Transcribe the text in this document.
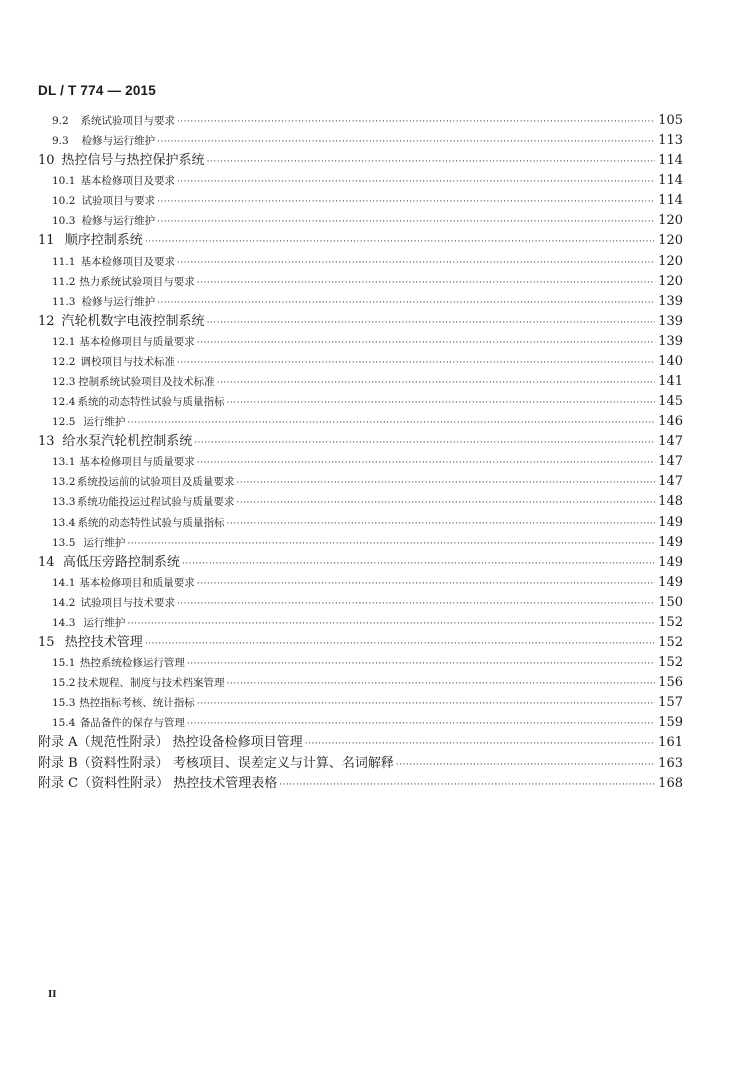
DL / T 774 — 2015
9.2	系统试验项目与要求 ·····	105
9.3	检修与运行维护 ·····	113
10 热控信号与热控保护系统 ·····	114
10.1 基本检修项目及要求 ·····	114
10.2 试验项目与要求 ·····	114
10.3 检修与运行维护 ·····	120
11 顺序控制系统 ·····	120
11.1 基本检修项目及要求 ·····	120
11.2 热力系统试验项目与要求 ·····	120
11.3 检修与运行维护 ·····	139
12 汽轮机数字电液控制系统 ·····	139
12.1 基本检修项目与质量要求 ·····	139
12.2 调校项目与技术标准 ·····	140
12.3 控制系统试验项目及技术标准 ·····	141
12.4 系统的动态特性试验与质量指标 ·····	145
12.5 运行维护 ·····	146
13 给水泵汽轮机控制系统 ·····	147
13.1 基本检修项目与质量要求 ·····	147
13.2 系统投运前的试验项目及质量要求 ·····	147
13.3 系统功能投运过程试验与质量要求 ·····	148
13.4 系统的动态特性试验与质量指标 ·····	149
13.5 运行维护 ·····	149
14 高低压旁路控制系统 ·····	149
14.1 基本检修项目和质量要求 ·····	149
14.2 试验项目与技术要求 ·····	150
14.3 运行维护 ·····	152
15 热控技术管理 ·····	152
15.1 热控系统检修运行管理 ·····	152
15.2 技术规程、制度与技术档案管理 ·····	156
15.3 热控指标考核、统计指标 ·····	157
15.4 备品备件的保存与管理 ·····	159
附录 A（规范性附录） 热控设备检修项目管理 ·····	161
附录 B（资料性附录） 考核项目、误差定义与计算、名词解释 ·····	163
附录 C（资料性附录） 热控技术管理表格 ·····	168
II
